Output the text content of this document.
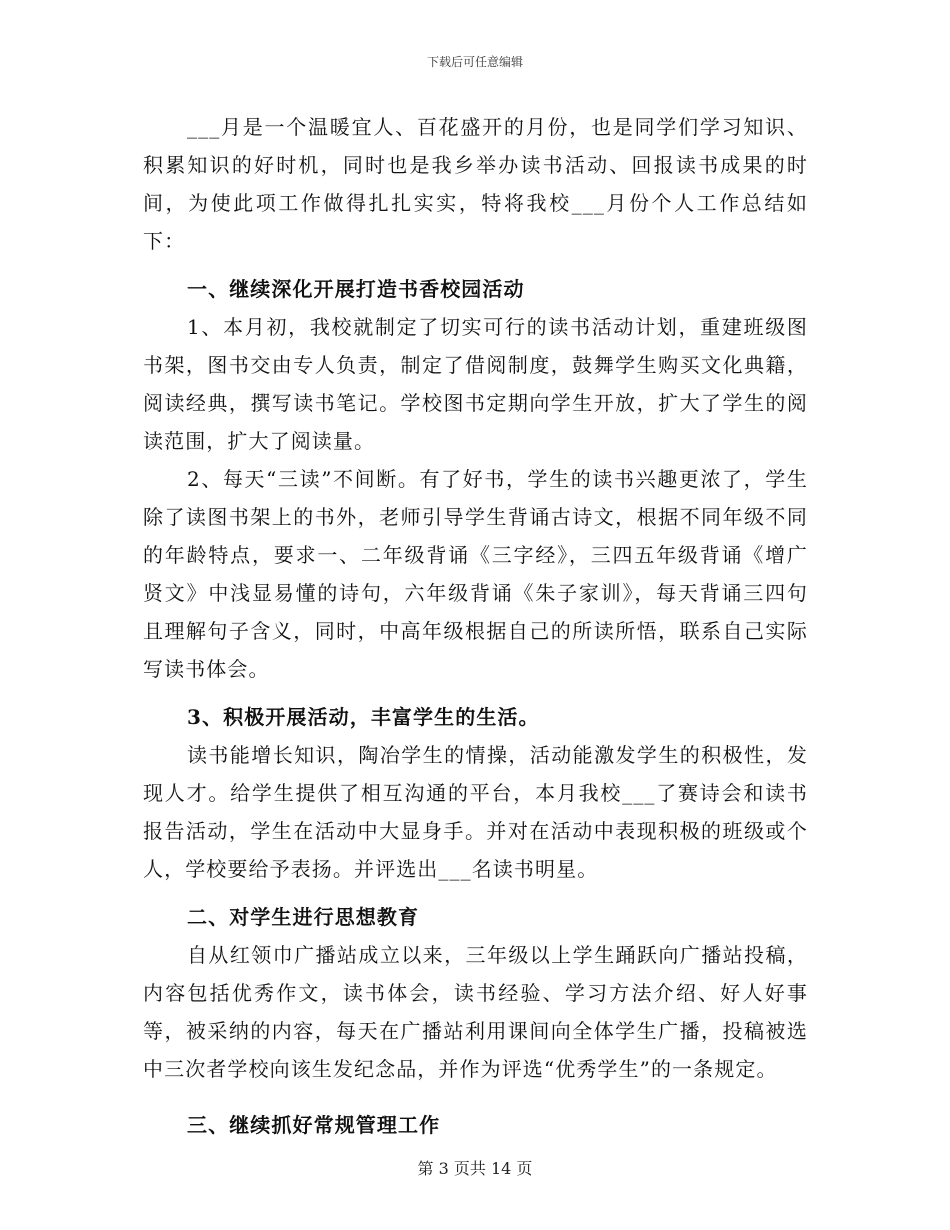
下载后可任意编辑

___月是一个温暖宜人、百花盛开的月份，也是同学们学习知识、积累知识的好时机，同时也是我乡举办读书活动、回报读书成果的时间，为使此项工作做得扎扎实实，特将我校___月份个人工作总结如下：

一、继续深化开展打造书香校园活动

1、本月初，我校就制定了切实可行的读书活动计划，重建班级图书架，图书交由专人负责，制定了借阅制度，鼓舞学生购买文化典籍，阅读经典，撰写读书笔记。学校图书定期向学生开放，扩大了学生的阅读范围，扩大了阅读量。

2、每天“三读”不间断。有了好书，学生的读书兴趣更浓了，学生除了读图书架上的书外，老师引导学生背诵古诗文，根据不同年级不同的年龄特点，要求一、二年级背诵《三字经》，三四五年级背诵《增广贤文》中浅显易懂的诗句，六年级背诵《朱子家训》，每天背诵三四句且理解句子含义，同时，中高年级根据自己的所读所悟，联系自己实际写读书体会。

3、积极开展活动，丰富学生的生活。

读书能增长知识，陶冶学生的情操，活动能激发学生的积极性，发现人才。给学生提供了相互沟通的平台，本月我校___了赛诗会和读书报告活动，学生在活动中大显身手。并对在活动中表现积极的班级或个人，学校要给予表扬。并评选出___名读书明星。

二、对学生进行思想教育

自从红领巾广播站成立以来，三年级以上学生踊跃向广播站投稿，内容包括优秀作文，读书体会，读书经验、学习方法介绍、好人好事等，被采纳的内容，每天在广播站利用课间向全体学生广播，投稿被选中三次者学校向该生发纪念品，并作为评选“优秀学生”的一条规定。

三、继续抓好常规管理工作

第 3 页共 14 页
